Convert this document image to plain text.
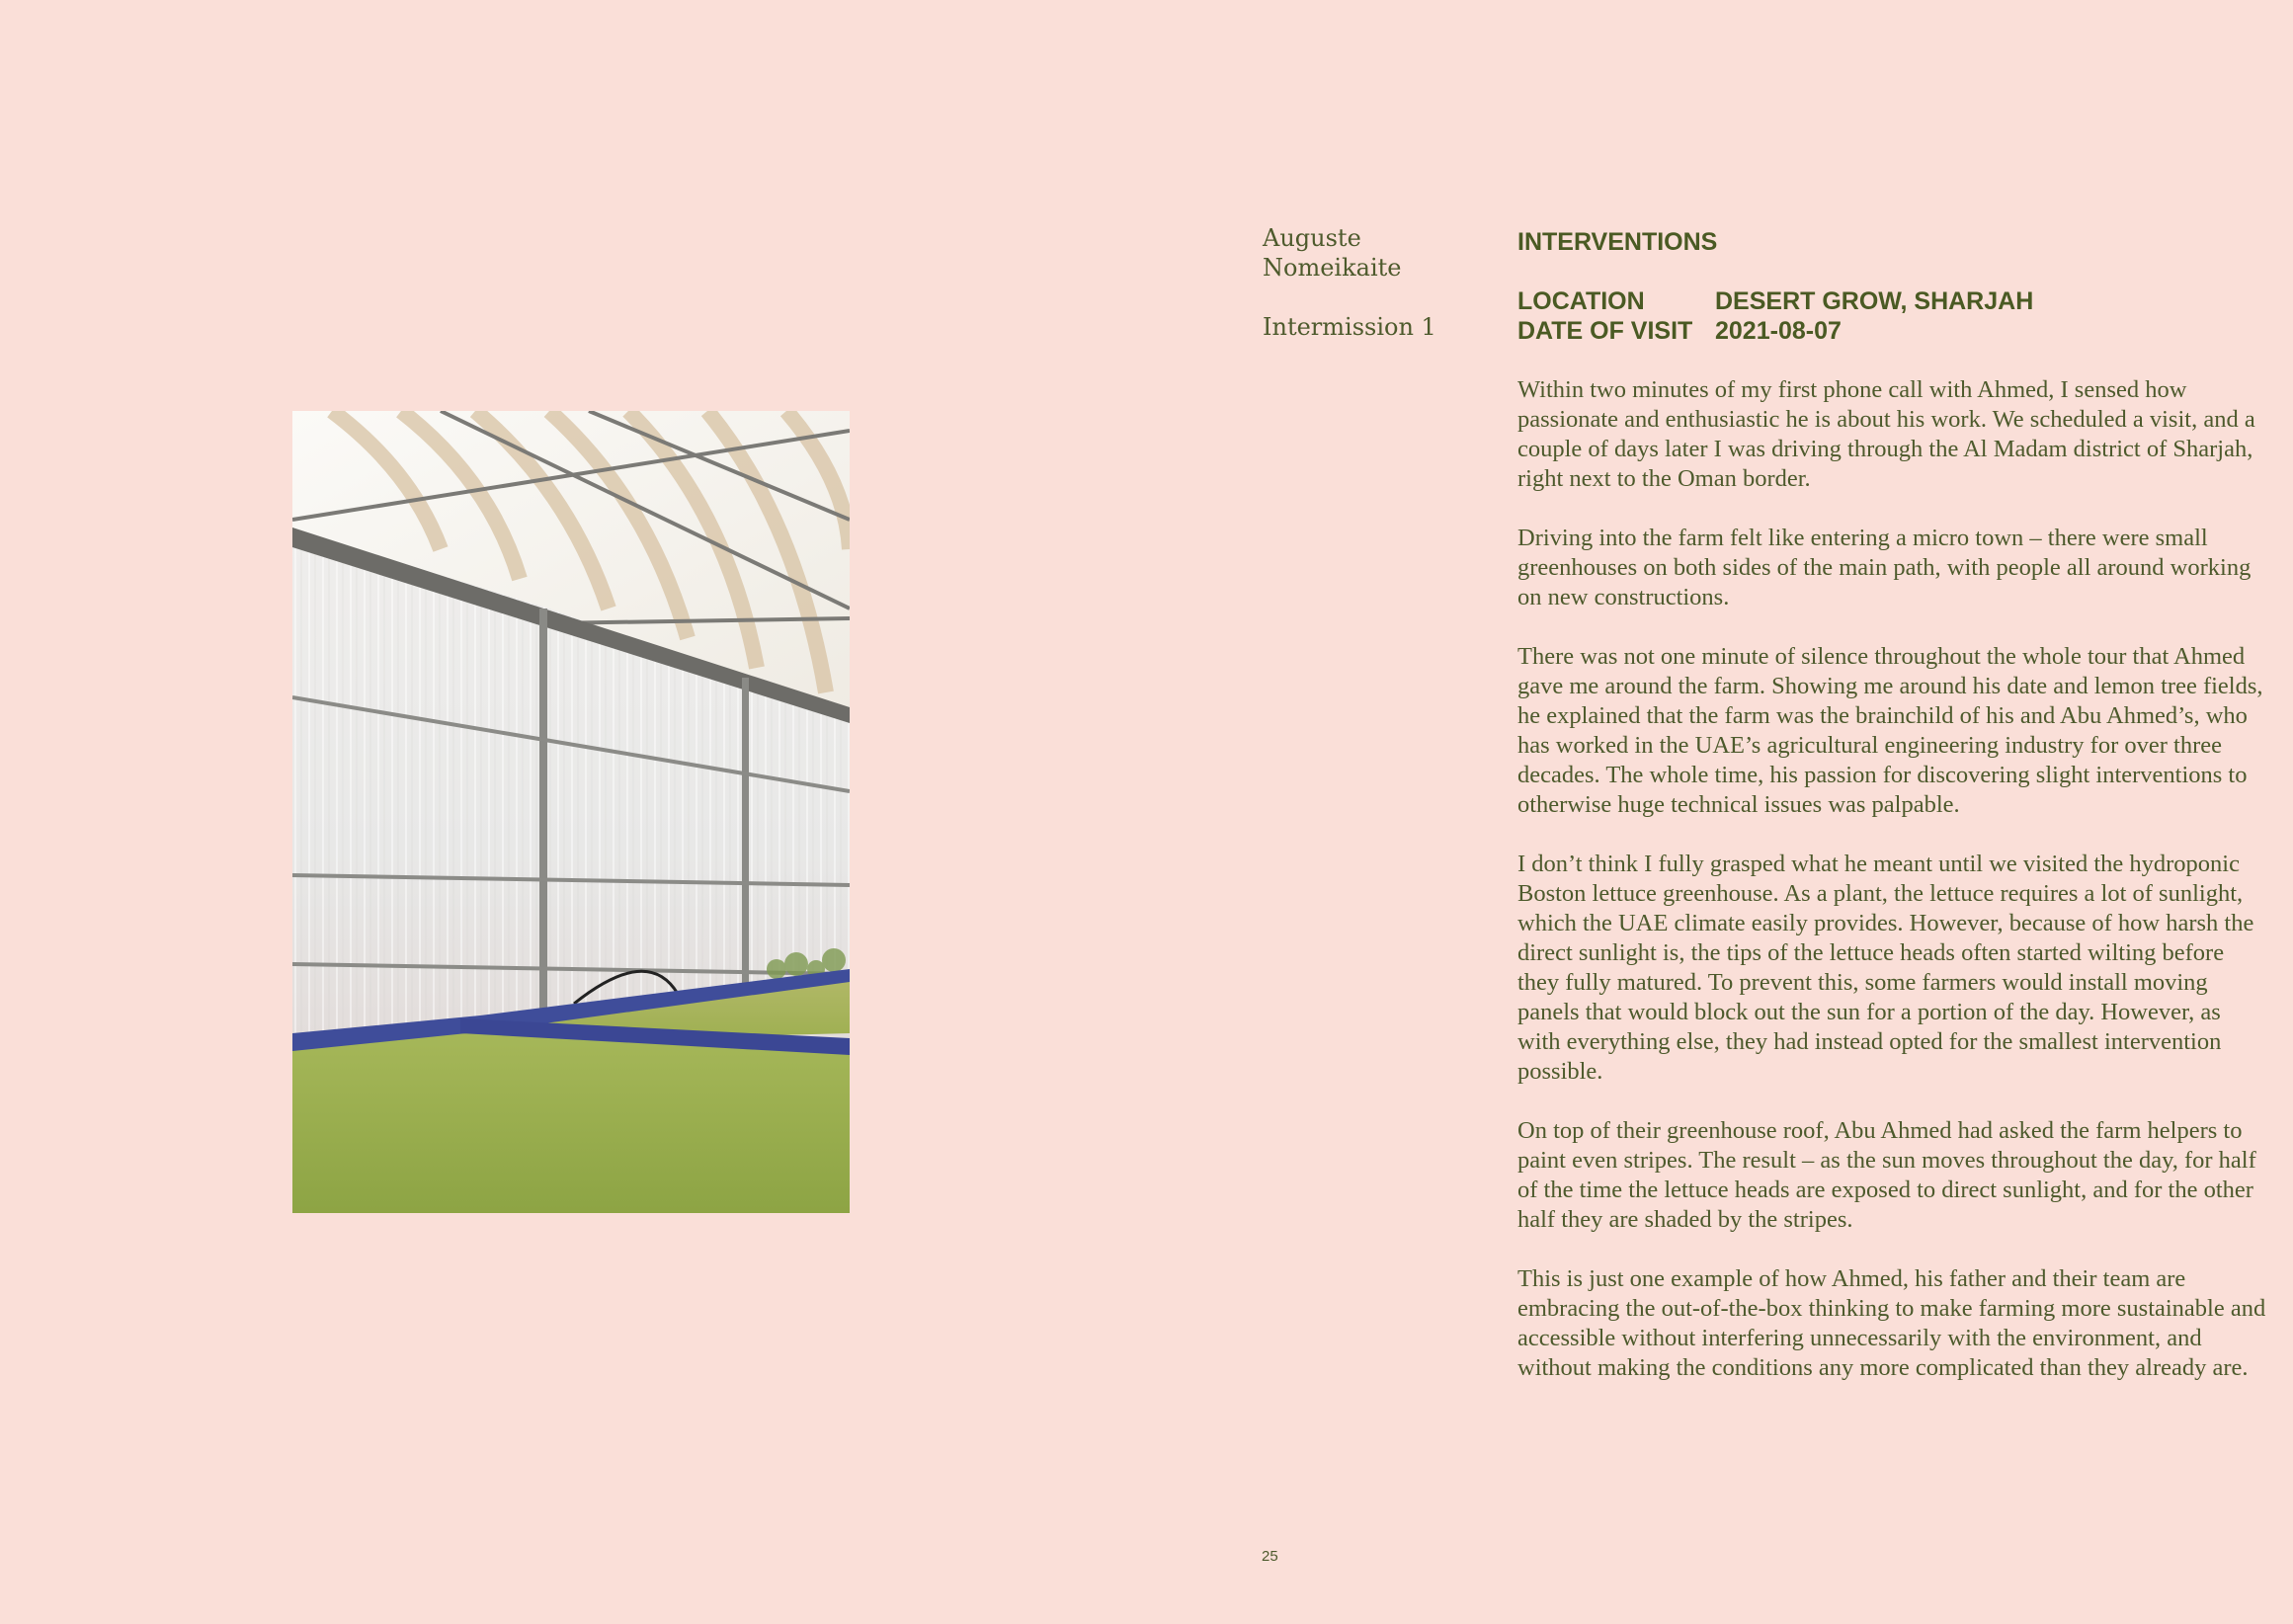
Auguste
Nomeikaite
Intermission 1
INTERVENTIONS
LOCATION	DESERT GROW, SHARJAH
DATE OF VISIT 2021-08-07

Within two minutes of my first phone call with Ahmed, I sensed how passionate and enthusiastic he is about his work. We scheduled a visit, and a couple of days later I was driving through the Al Madam district of Sharjah, right next to the Oman border.

Driving into the farm felt like entering a micro town – there were small greenhouses on both sides of the main path, with people all around working on new constructions.

There was not one minute of silence throughout the whole tour that Ahmed gave me around the farm. Showing me around his date and lemon tree fields, he explained that the farm was the brainchild of his and Abu Ahmed’s, who has worked in the UAE’s agricultural engineering industry for over three decades. The whole time, his passion for discovering slight interventions to otherwise huge technical issues was palpable.

I don’t think I fully grasped what he meant until we visited the hydroponic Boston lettuce greenhouse. As a plant, the lettuce requires a lot of sunlight, which the UAE climate easily provides. However, because of how harsh the direct sunlight is, the tips of the lettuce heads often started wilting before they fully matured. To prevent this, some farmers would install moving panels that would block out the sun for a portion of the day. However, as with everything else, they had instead opted for the smallest intervention possible.

On top of their greenhouse roof, Abu Ahmed had asked the farm helpers to paint even stripes. The result – as the sun moves throughout the day, for half of the time the lettuce heads are exposed to direct sunlight, and for the other half they are shaded by the stripes.

This is just one example of how Ahmed, his father and their team are embracing the out-of-the-box thinking to make farming more sustainable and accessible without interfering unnecessarily with the environment, and without making the conditions any more complicated than they already are.

25
